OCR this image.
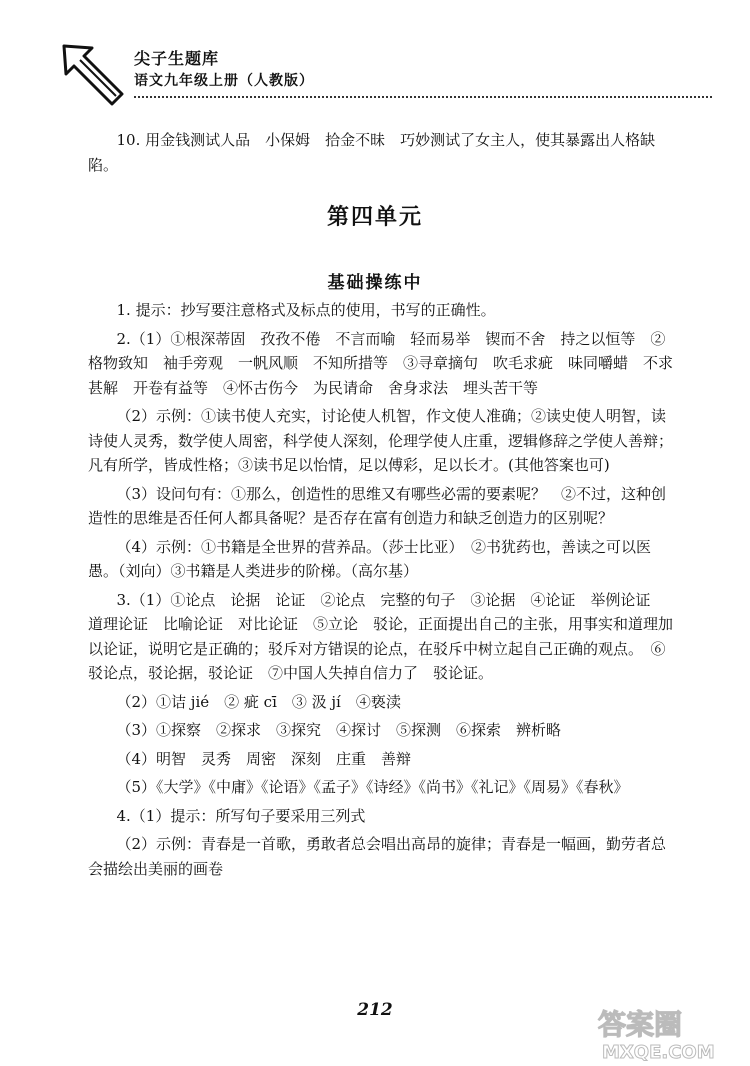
尖子生题库
语文九年级上册（人教版）

10. 用金钱测试人品　小保姆　拾金不昧　巧妙测试了女主人，使其暴露出人格缺陷。

第四单元
基础操练中

1. 提示：抄写要注意格式及标点的使用，书写的正确性。

2.（1）①根深蒂固　孜孜不倦　不言而喻　轻而易举　锲而不舍　持之以恒等　②格物致知　袖手旁观　一帆风顺　不知所措等　③寻章摘句　吹毛求疵　味同嚼蜡　不求甚解　开卷有益等　④怀古伤今　为民请命　舍身求法　埋头苦干等

（2）示例：①读书使人充实，讨论使人机智，作文使人准确；②读史使人明智，读诗使人灵秀，数学使人周密，科学使人深刻，伦理学使人庄重，逻辑修辞之学使人善辩；凡有所学，皆成性格；③读书足以怡情，足以傅彩，足以长才。(其他答案也可)

（3）设问句有：①那么，创造性的思维又有哪些必需的要素呢？　②不过，这种创造性的思维是否任何人都具备呢？是否存在富有创造力和缺乏创造力的区别呢？

（4）示例：①书籍是全世界的营养品。（莎士比亚）　②书犹药也，善读之可以医愚。（刘向）③书籍是人类进步的阶梯。（高尔基）

3.（1）①论点　论据　论证　②论点　完整的句子　③论据　④论证　举例论证　道理论证　比喻论证　对比论证　⑤立论　驳论，正面提出自己的主张，用事实和道理加以论证，说明它是正确的；驳斥对方错误的论点，在驳斥中树立起自己正确的观点。　⑥驳论点，驳论据，驳论证　⑦中国人失掉自信力了　驳论证。

（2）①诘 jié　② 疵 cī　③ 汲 jí　④亵渎

（3）①探察　②探求　③探究　④探讨　⑤探测　⑥探索　辨析略

（4）明智　灵秀　周密　深刻　庄重　善辩

（5）《大学》《中庸》《论语》《孟子》《诗经》《尚书》《礼记》《周易》《春秋》

4.（1）提示：所写句子要采用三列式

（2）示例：青春是一首歌，勇敢者总会唱出高昂的旋律；青春是一幅画，勤劳者总会描绘出美丽的画卷

212	答案圈
MXQE.COM
